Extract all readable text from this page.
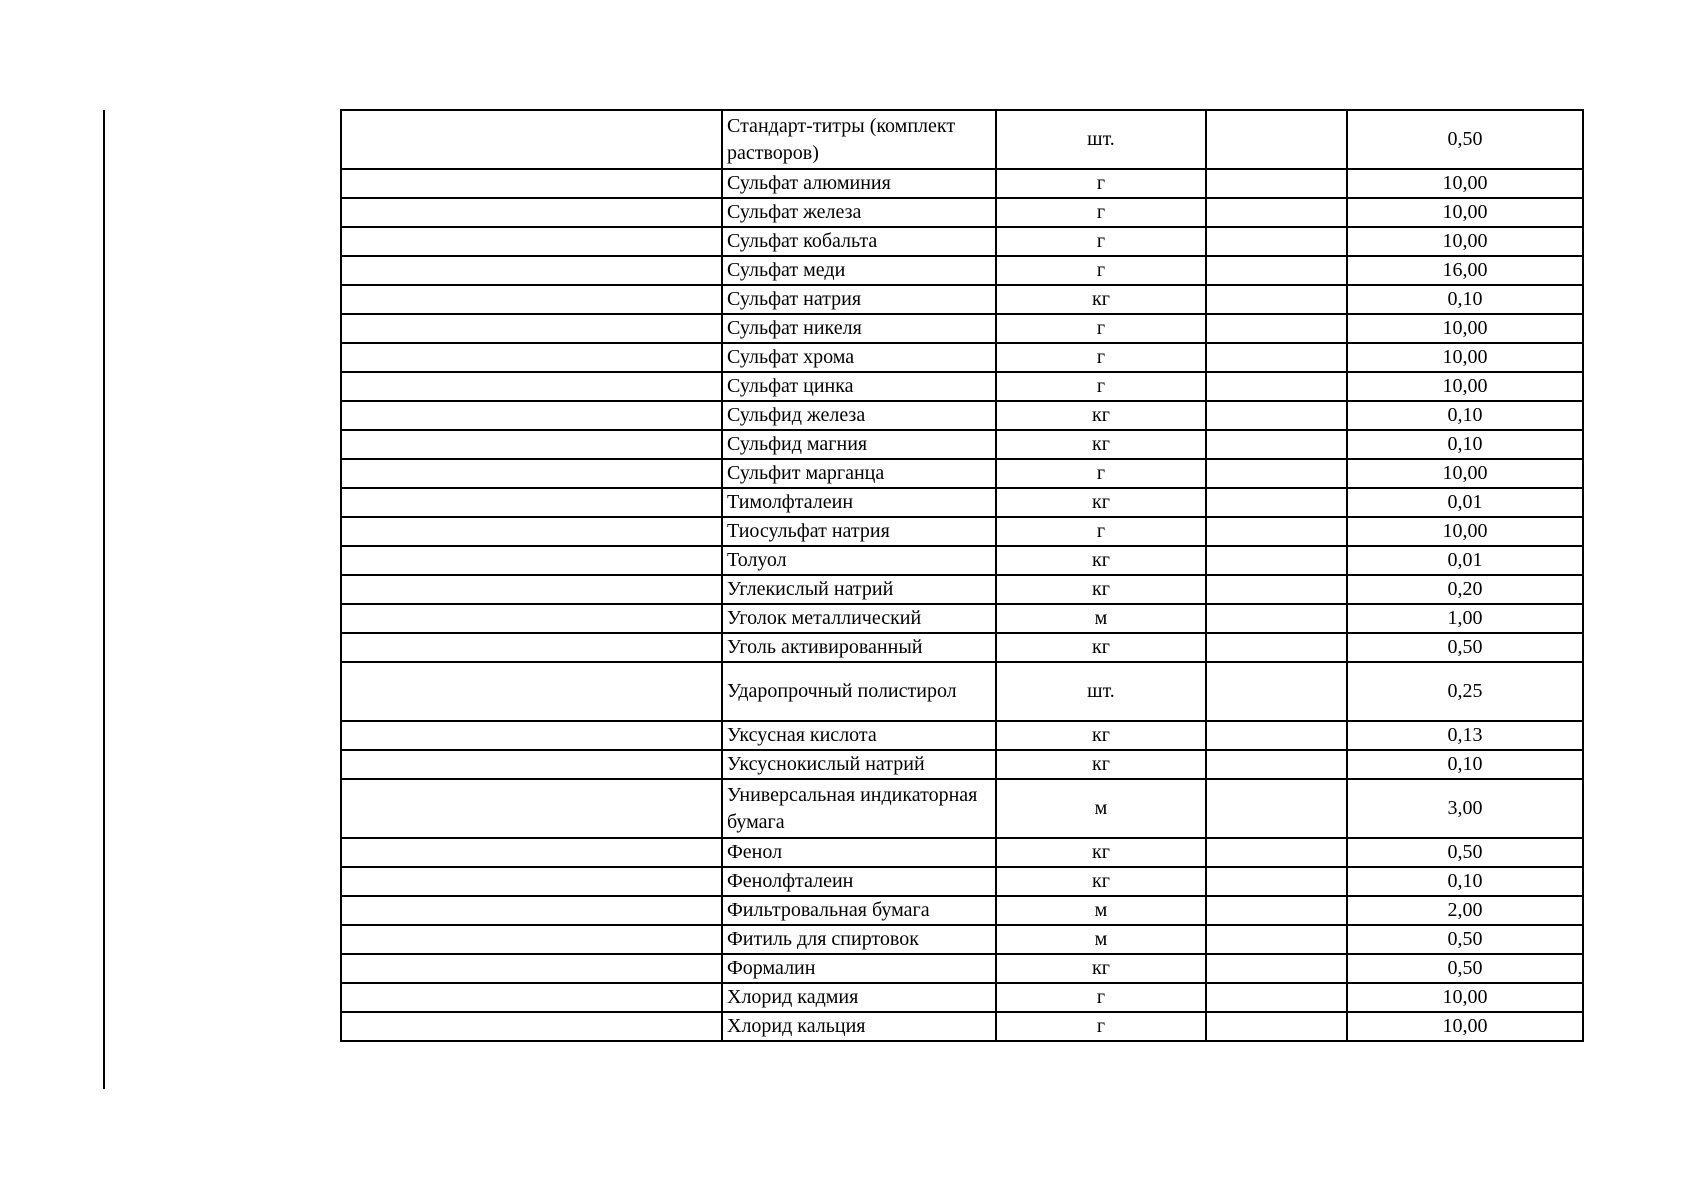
	Стандарт-титры (комплект растворов)	шт.		0,50
	Сульфат алюминия	г		10,00
	Сульфат железа	г		10,00
	Сульфат кобальта	г		10,00
	Сульфат меди	г		16,00
	Сульфат натрия	кг		0,10
	Сульфат никеля	г		10,00
	Сульфат хрома	г		10,00
	Сульфат цинка	г		10,00
	Сульфид железа	кг		0,10
	Сульфид магния	кг		0,10
	Сульфит марганца	г		10,00
	Тимолфталеин	кг		0,01
	Тиосульфат натрия	г		10,00
	Толуол	кг		0,01
	Углекислый натрий	кг		0,20
	Уголок металлический	м		1,00
	Уголь активированный	кг		0,50
	Ударопрочный полистирол	шт.		0,25
	Уксусная кислота	кг		0,13
	Уксуснокислый натрий	кг		0,10
	Универсальная индикаторная бумага	м		3,00
	Фенол	кг		0,50
	Фенолфталеин	кг		0,10
	Фильтровальная бумага	м		2,00
	Фитиль для спиртовок	м		0,50
	Формалин	кг		0,50
	Хлорид кадмия	г		10,00
	Хлорид кальция	г		10,00
